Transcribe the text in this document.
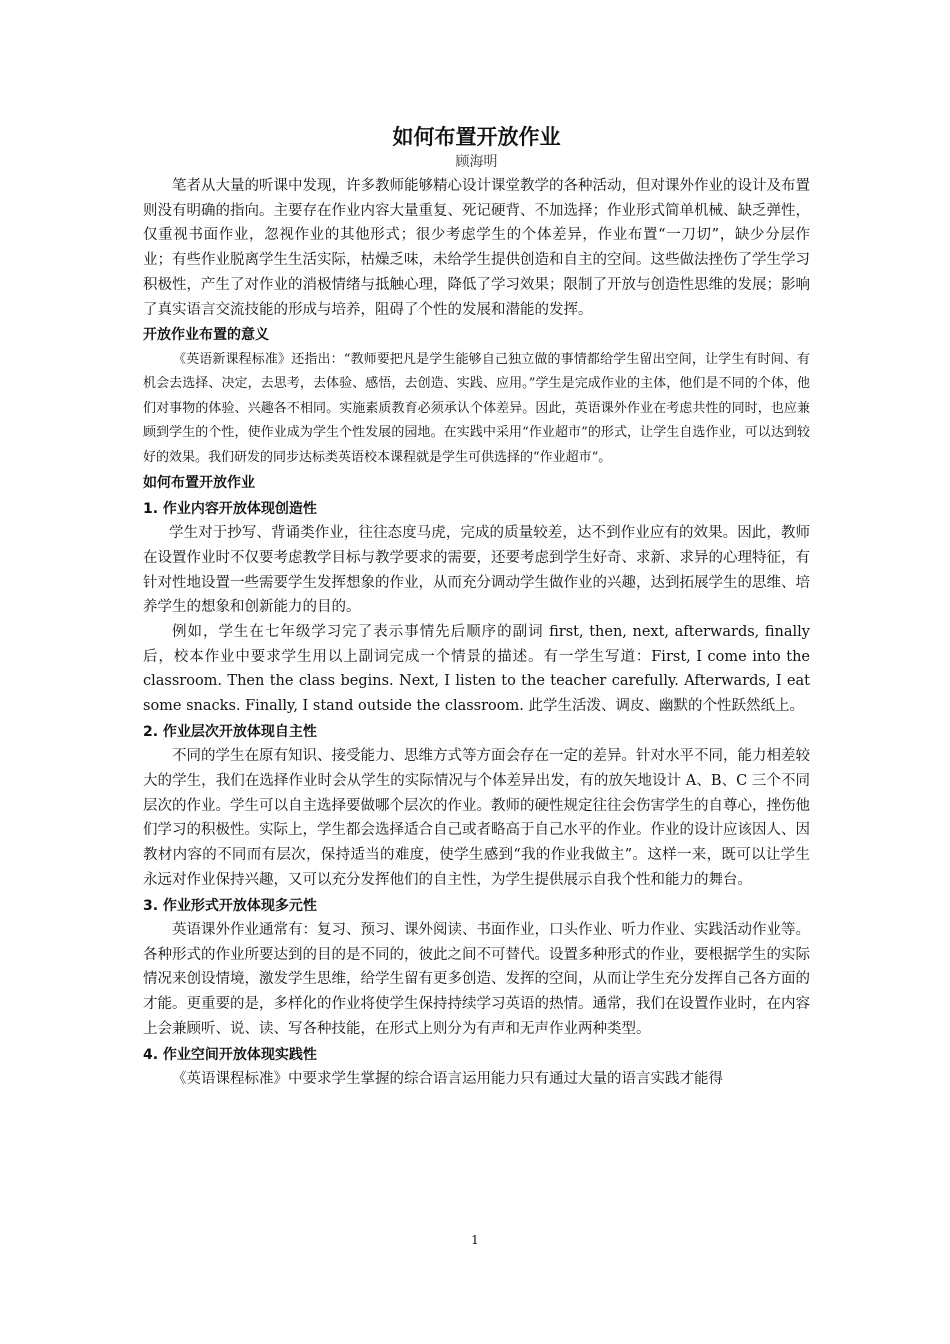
如何布置开放作业
顾海明

笔者从大量的听课中发现，许多教师能够精心设计课堂教学的各种活动，但对课外作业的设计及布置则没有明确的指向。主要存在作业内容大量重复、死记硬背、不加选择；作业形式简单机械、缺乏弹性，仅重视书面作业，忽视作业的其他形式；很少考虑学生的个体差异，作业布置“一刀切”，缺少分层作业；有些作业脱离学生生活实际，枯燥乏味，未给学生提供创造和自主的空间。这些做法挫伤了学生学习积极性，产生了对作业的消极情绪与抵触心理，降低了学习效果；限制了开放与创造性思维的发展；影响了真实语言交流技能的形成与培养，阻碍了个性的发展和潜能的发挥。

开放作业布置的意义

《英语新课程标准》还指出：“教师要把凡是学生能够自己独立做的事情都给学生留出空间，让学生有时间、有机会去选择、决定，去思考，去体验、感悟，去创造、实践、应用。”学生是完成作业的主体，他们是不同的个体，他们对事物的体验、兴趣各不相同。实施素质教育必须承认个体差异。因此，英语课外作业在考虑共性的同时，也应兼顾到学生的个性，使作业成为学生个性发展的园地。在实践中采用“作业超市”的形式，让学生自选作业，可以达到较好的效果。我们研发的同步达标类英语校本课程就是学生可供选择的“作业超市“。

如何布置开放作业
1. 作业内容开放体现创造性

学生对于抄写、背诵类作业，往往态度马虎，完成的质量较差，达不到作业应有的效果。因此，教师在设置作业时不仅要考虑教学目标与教学要求的需要，还要考虑到学生好奇、求新、求异的心理特征，有针对性地设置一些需要学生发挥想象的作业，从而充分调动学生做作业的兴趣，达到拓展学生的思维、培养学生的想象和创新能力的目的。

例如，学生在七年级学习完了表示事情先后顺序的副词 first, then, next, afterwards, finally 后，校本作业中要求学生用以上副词完成一个情景的描述。有一学生写道：First, I come into the classroom. Then the class begins. Next, I listen to the teacher carefully. Afterwards, I eat some snacks. Finally, I stand outside the classroom. 此学生活泼、调皮、幽默的个性跃然纸上。

2. 作业层次开放体现自主性

不同的学生在原有知识、接受能力、思维方式等方面会存在一定的差异。针对水平不同，能力相差较大的学生，我们在选择作业时会从学生的实际情况与个体差异出发，有的放矢地设计 A、B、C 三个不同层次的作业。学生可以自主选择要做哪个层次的作业。教师的硬性规定往往会伤害学生的自尊心，挫伤他们学习的积极性。实际上，学生都会选择适合自己或者略高于自己水平的作业。作业的设计应该因人、因教材内容的不同而有层次，保持适当的难度，使学生感到“我的作业我做主”。这样一来，既可以让学生永远对作业保持兴趣，又可以充分发挥他们的自主性，为学生提供展示自我个性和能力的舞台。

3. 作业形式开放体现多元性

英语课外作业通常有：复习、预习、课外阅读、书面作业，口头作业、听力作业、实践活动作业等。各种形式的作业所要达到的目的是不同的，彼此之间不可替代。设置多种形式的作业，要根据学生的实际情况来创设情境，激发学生思维，给学生留有更多创造、发挥的空间，从而让学生充分发挥自己各方面的才能。更重要的是，多样化的作业将使学生保持持续学习英语的热情。通常，我们在设置作业时，在内容上会兼顾听、说、读、写各种技能，在形式上则分为有声和无声作业两种类型。

4. 作业空间开放体现实践性

《英语课程标准》中要求学生掌握的综合语言运用能力只有通过大量的语言实践才能得

1
